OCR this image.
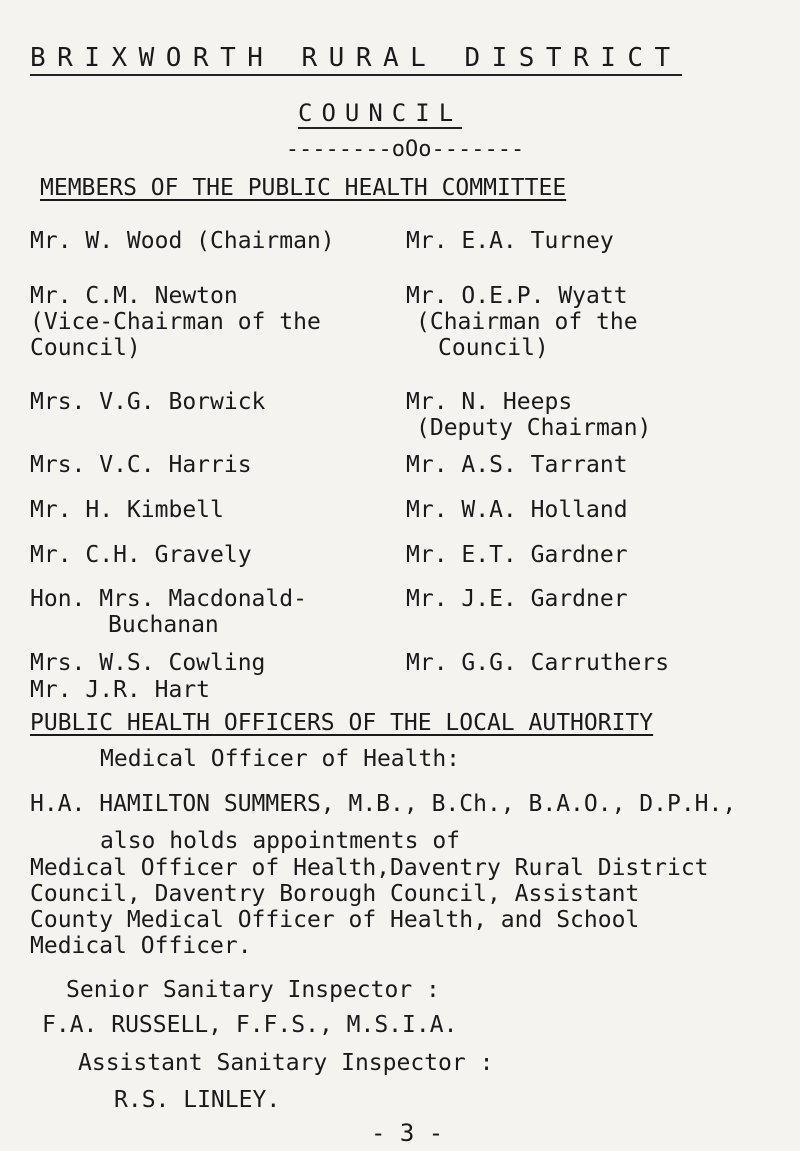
BRIXWORTH RURAL DISTRICT
COUNCIL
--------oOo-------
MEMBERS OF THE PUBLIC HEALTH COMMITTEE
Mr. W. Wood (Chairman)
Mr. C.M. Newton
(Vice-Chairman of the
Council)
Mrs. V.G. Borwick
Mrs. V.C. Harris
Mr. H. Kimbell
Mr. C.H. Gravely
Hon. Mrs. Macdonald-
Buchanan
Mrs. W.S. Cowling
Mr. E.A. Turney
Mr. O.E.P. Wyatt
(Chairman of the
Council)
Mr. N. Heeps
(Deputy Chairman)
Mr. A.S. Tarrant
Mr. W.A. Holland
Mr. E.T. Gardner
Mr. J.E. Gardner
Mr. G.G. Carruthers
Mr. J.R. Hart
PUBLIC HEALTH OFFICERS OF THE LOCAL AUTHORITY
Medical Officer of Health:
H.A. HAMILTON SUMMERS, M.B., B.Ch., B.A.O., D.P.H.,
also holds appointments of
Medical Officer of Health,Daventry Rural District
Council, Daventry Borough Council, Assistant
County Medical Officer of Health, and School
Medical Officer.
Senior Sanitary Inspector :
F.A. RUSSELL, F.F.S., M.S.I.A.
Assistant Sanitary Inspector :
R.S. LINLEY.
- 3 -
